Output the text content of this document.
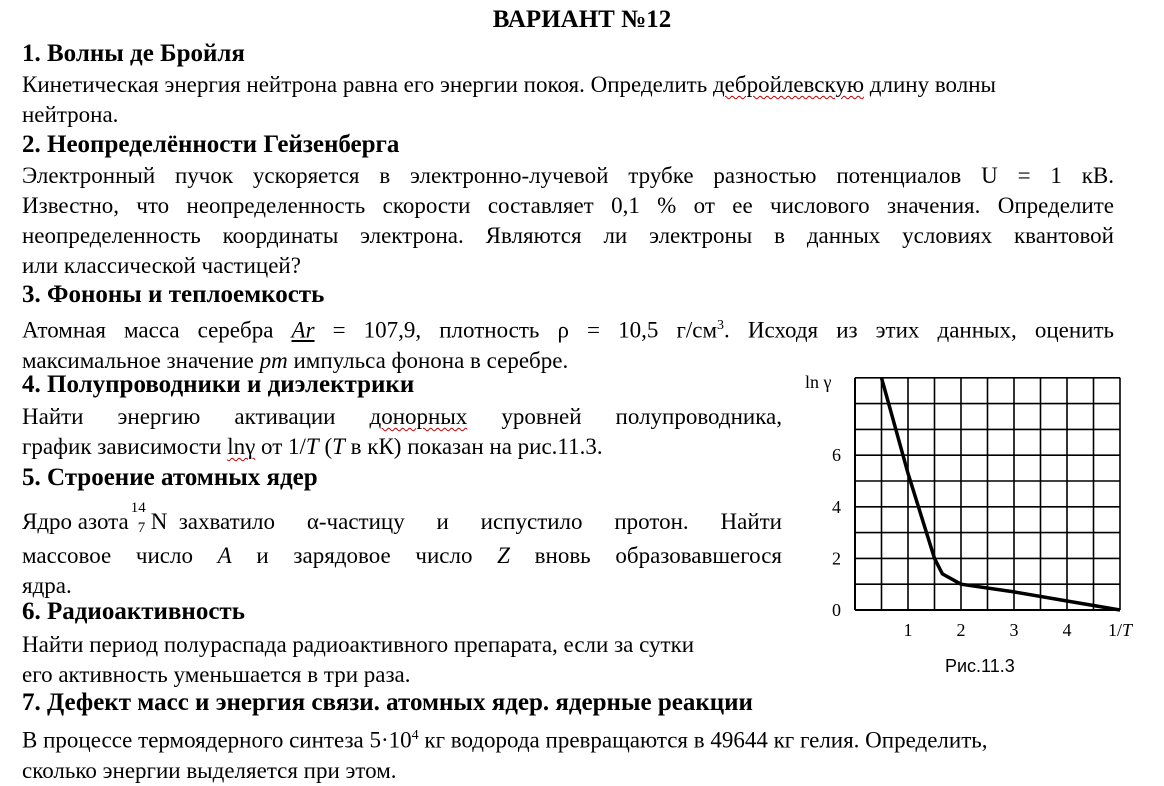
ВАРИАНТ №12
1. Волны де Бройля
Кинетическая энергия нейтрона равна его энергии покоя. Определить дебройлевскую длину волны
нейтрона.
2. Неопределённости Гейзенберга
Электронный пучок ускоряется в электронно-лучевой трубке разностью потенциалов U = 1 кВ.
Известно, что неопределенность скорости составляет 0,1 % от ее числового значения. Определите
неопределенность координаты электрона. Являются ли электроны в данных условиях квантовой
или классической частицей?
3. Фононы и теплоемкость
Атомная масса серебра Ar = 107,9, плотность ρ = 10,5 $г/см^3$. Исходя из этих данных, оценить
максимальное значение pm импульса фонона в серебре.
4. Полупроводники и диэлектрики
Найти энергию активации донорных уровней полупроводника,
график зависимости lnγ от 1/T (T в кК) показан на рис.11.3.
5. Строение атомных ядер
Ядро азота
14
7 N захватило α-частицу и испустило протон. Найти
массовое число A и зарядовое число Z вновь образовавшегося
ядра.
6. Радиоактивность
Найти период полураспада радиоактивного препарата, если за сутки
его активность уменьшается в три раза.
7. Дефект масс и энергия связи. атомных ядер. ядерные реакции
В процессе термоядерного синтеза $5\cdot 10^4$ кг водорода превращаются в 49644 кг гелия. Определить,
сколько энергии выделяется при этом.
0
2
4
6
1 2 3 4 1/T
ln γ
Рис.11.3
